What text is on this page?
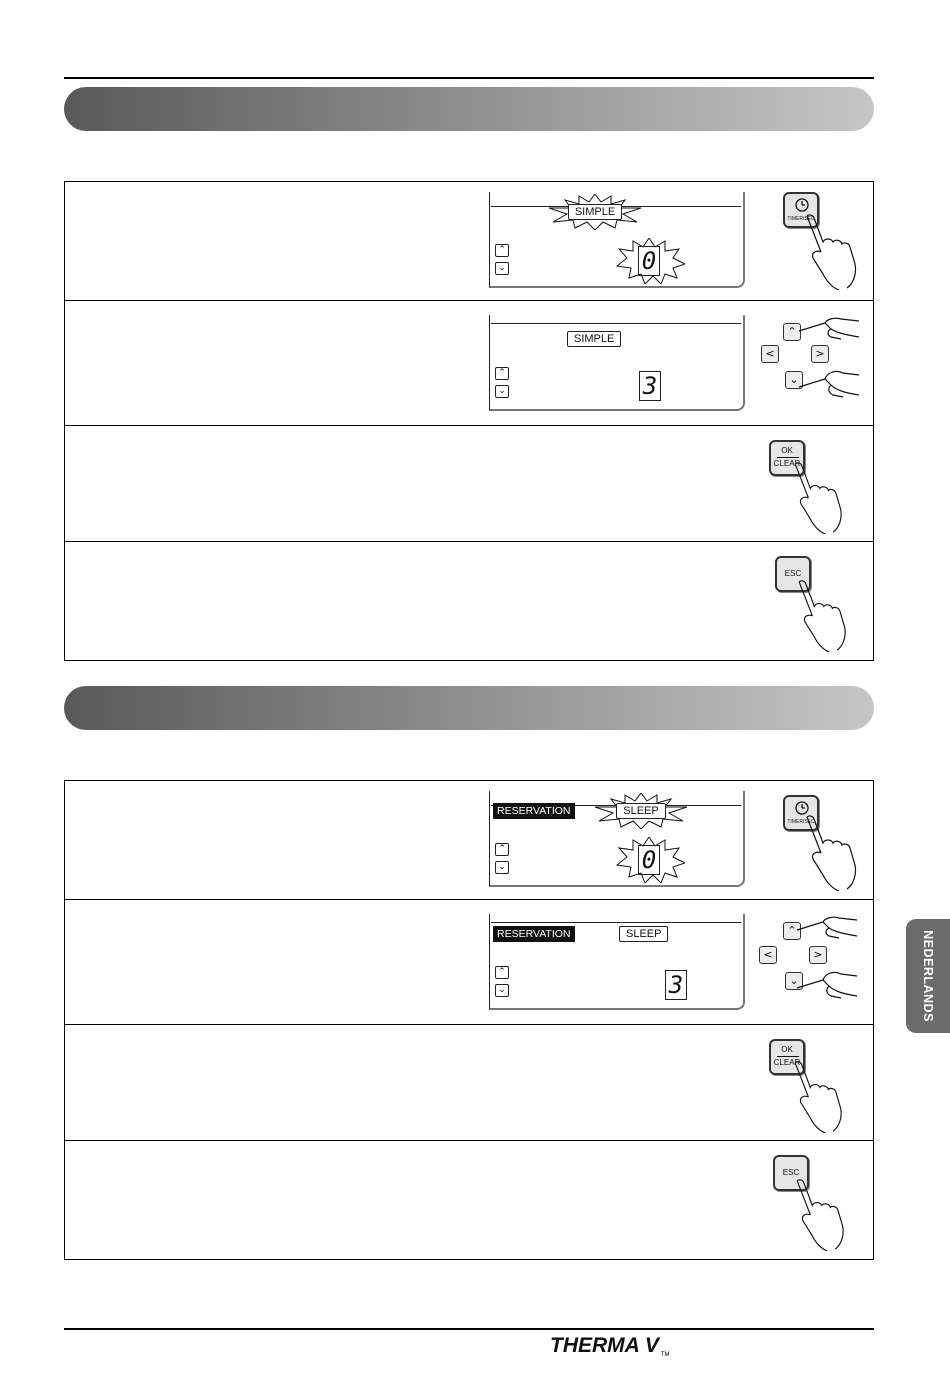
SIMPLE
⌃
⌄	0
TIMER/SEC
SIMPLE
⌃
⌄	3
⌃
<	>
⌄
OK
CLEAR
ESC
RESERVATION	SLEEP
⌃
⌄	0
TIMER/SEC
RESERVATION	SLEEP
⌃
⌄	3
⌃
<	>
⌄
OK
CLEAR
ESC
NEDERLANDS
THERMA V TM
